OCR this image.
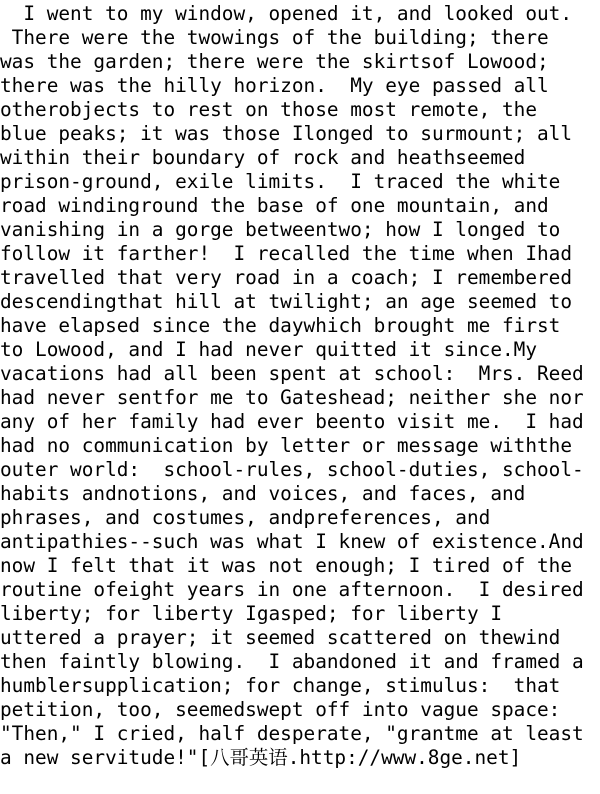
I went to my window, opened it, and looked out.
There were the twowings of the building; there
was the garden; there were the skirtsof Lowood;
there was the hilly horizon.  My eye passed all
otherobjects to rest on those most remote, the
blue peaks; it was those Ilonged to surmount; all
within their boundary of rock and heathseemed
prison-ground, exile limits.  I traced the white
road windinground the base of one mountain, and
vanishing in a gorge betweentwo; how I longed to
follow it farther!  I recalled the time when Ihad
travelled that very road in a coach; I remembered
descendingthat hill at twilight; an age seemed to
have elapsed since the daywhich brought me first
to Lowood, and I had never quitted it since.My
vacations had all been spent at school:  Mrs. Reed
had never sentfor me to Gateshead; neither she nor
any of her family had ever beento visit me.  I had
had no communication by letter or message withthe
outer world:  school-rules, school-duties, school-
habits andnotions, and voices, and faces, and
phrases, and costumes, andpreferences, and
antipathies--such was what I knew of existence.And
now I felt that it was not enough; I tired of the
routine ofeight years in one afternoon.  I desired
liberty; for liberty Igasped; for liberty I
uttered a prayer; it seemed scattered on thewind
then faintly blowing.  I abandoned it and framed a
humblersupplication; for change, stimulus:  that
petition, too, seemedswept off into vague space:
"Then," I cried, half desperate, "grantme at least
a new servitude!"[八哥英语.http://www.8ge.net]
